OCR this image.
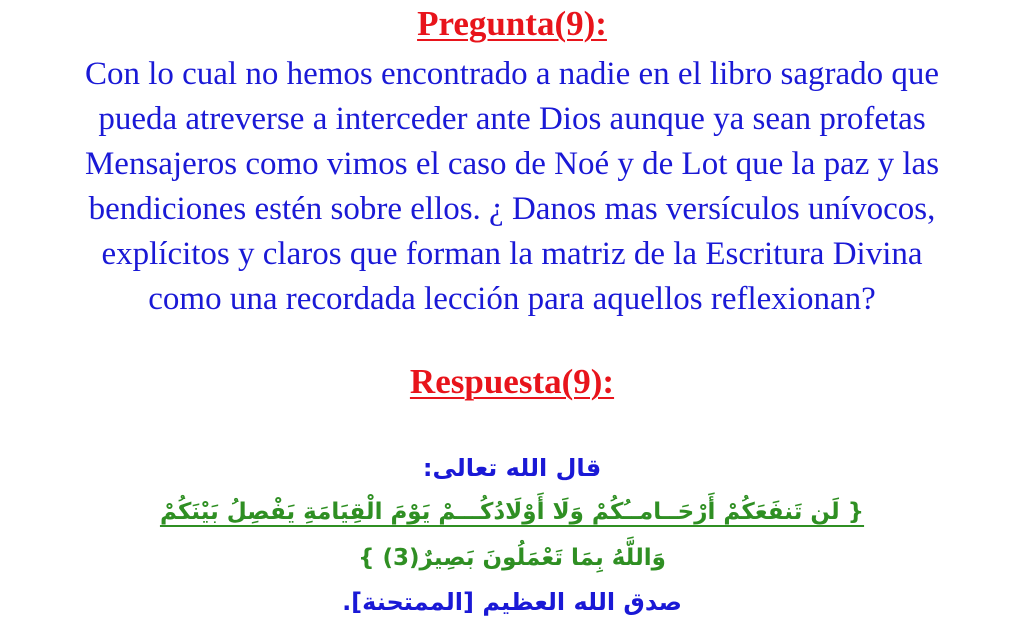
Pregunta(9):
Con lo cual no hemos encontrado a nadie en el libro sagrado que
pueda atreverse a interceder ante Dios aunque ya sean profetas
Mensajeros como vimos el caso de Noé y de Lot que la paz y las
bendiciones estén sobre ellos. ¿ Danos mas versículos unívocos,
explícitos y claros que forman la matriz de la Escritura Divina
como una recordada lección para aquellos reflexionan?
Respuesta(9):
قال الله تعالى:
{ لَن تَنفَعَكُمْ أَرْحَــامــُكُمْ وَلَا أَوْلَادُكُـــمْ يَوْمَ الْقِيَامَةِ يَفْصِلُ بَيْنَكُمْ
وَاللَّهُ بِمَا تَعْمَلُونَ بَصِيرٌ(3) }
صدق الله العظيم [الممتحنة].
